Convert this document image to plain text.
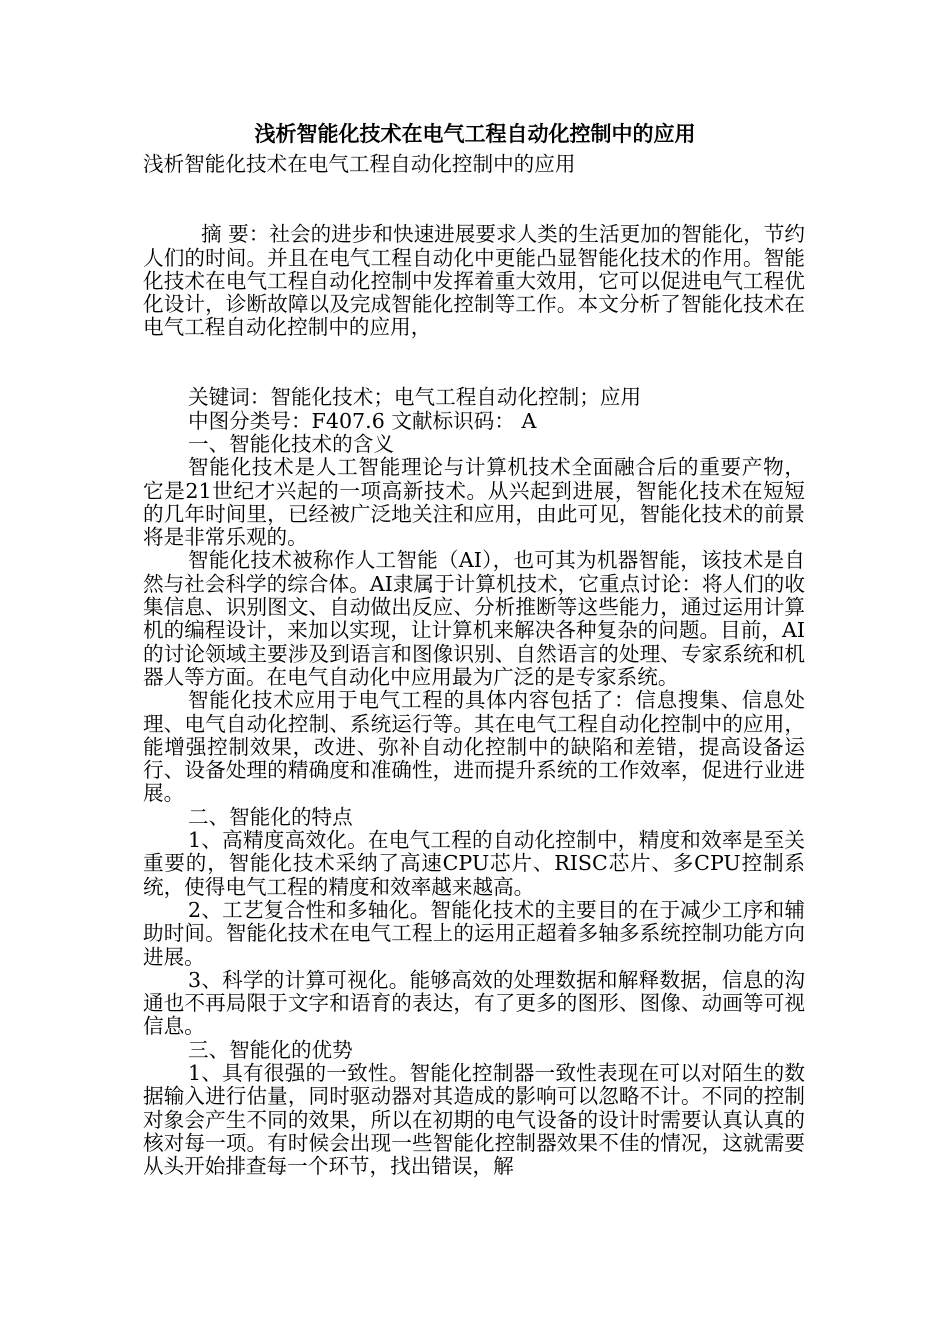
浅析智能化技术在电气工程自动化控制中的应用
浅析智能化技术在电气工程自动化控制中的应用

摘 要：社会的进步和快速进展要求人类的生活更加的智能化，节约人们的时间。并且在电气工程自动化中更能凸显智能化技术的作用。智能化技术在电气工程自动化控制中发挥着重大效用，它可以促进电气工程优化设计，诊断故障以及完成智能化控制等工作。本文分析了智能化技术在电气工程自动化控制中的应用，

关键词：智能化技术；电气工程自动化控制；应用

中图分类号：F407.6 文献标识码： A

一、智能化技术的含义

智能化技术是人工智能理论与计算机技术全面融合后的重要产物，它是21世纪才兴起的一项高新技术。从兴起到进展，智能化技术在短短的几年时间里，已经被广泛地关注和应用，由此可见，智能化技术的前景将是非常乐观的。

智能化技术被称作人工智能（AI），也可其为机器智能，该技术是自然与社会科学的综合体。AI隶属于计算机技术，它重点讨论：将人们的收集信息、识别图文、自动做出反应、分析推断等这些能力，通过运用计算机的编程设计，来加以实现，让计算机来解决各种复杂的问题。目前，AI的讨论领域主要涉及到语言和图像识别、自然语言的处理、专家系统和机器人等方面。在电气自动化中应用最为广泛的是专家系统。

智能化技术应用于电气工程的具体内容包括了：信息搜集、信息处理、电气自动化控制、系统运行等。其在电气工程自动化控制中的应用，能增强控制效果，改进、弥补自动化控制中的缺陷和差错，提高设备运行、设备处理的精确度和准确性，进而提升系统的工作效率，促进行业进展。

二、智能化的特点

1、高精度高效化。在电气工程的自动化控制中，精度和效率是至关重要的，智能化技术采纳了高速CPU芯片、RISC芯片、多CPU控制系统，使得电气工程的精度和效率越来越高。

2、工艺复合性和多轴化。智能化技术的主要目的在于减少工序和辅助时间。智能化技术在电气工程上的运用正超着多轴多系统控制功能方向进展。

3、科学的计算可视化。能够高效的处理数据和解释数据，信息的沟通也不再局限于文字和语育的表达，有了更多的图形、图像、动画等可视信息。

三、智能化的优势

1、具有很强的一致性。智能化控制器一致性表现在可以对陌生的数据输入进行估量，同时驱动器对其造成的影响可以忽略不计。不同的控制对象会产生不同的效果，所以在初期的电气设备的设计时需要认真认真的核对每一项。有时候会出现一些智能化控制器效果不佳的情况，这就需要从头开始排查每一个环节，找出错误，解
